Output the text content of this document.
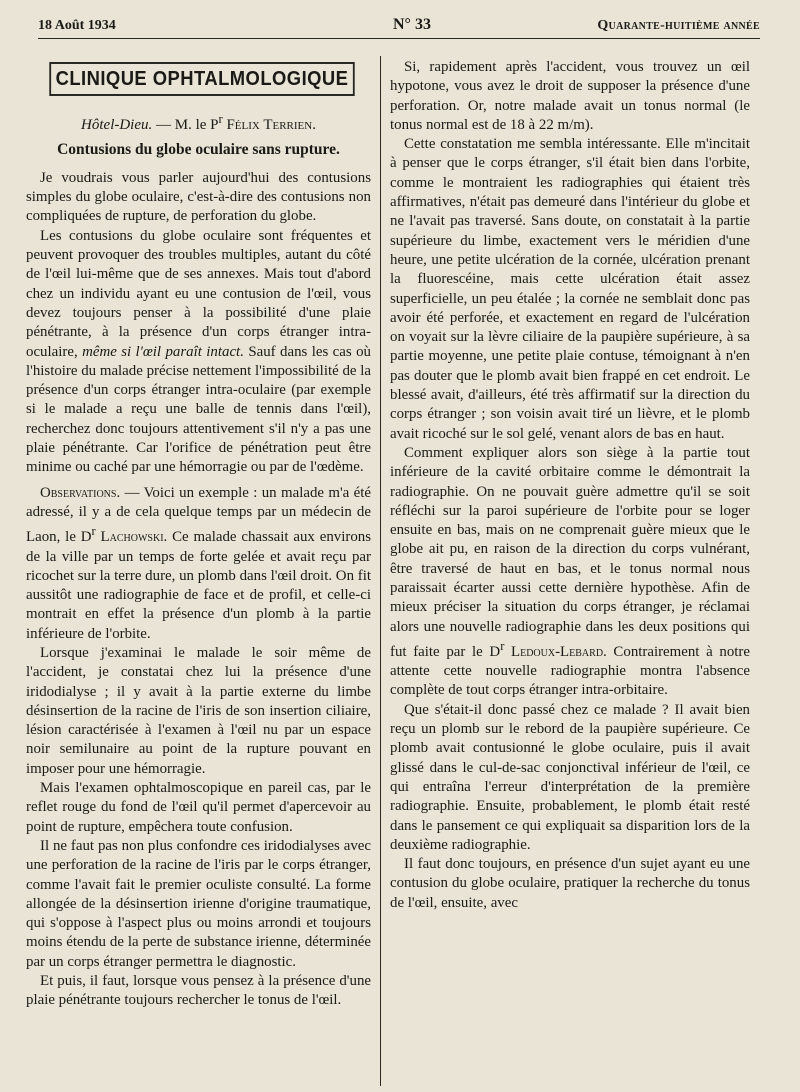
18 Août 1934	N° 33	Quarante-huitième année
CLINIQUE OPHTALMOLOGIQUE

Hôtel-Dieu. — M. le $P^r$ Félix Terrien.

Contusions du globe oculaire sans rupture.

Je voudrais vous parler aujourd'hui des contusions simples du globe oculaire, c'est-à-dire des contusions non compliquées de rupture, de perforation du globe.

Les contusions du globe oculaire sont fréquentes et peuvent provoquer des troubles multiples, autant du côté de l'œil lui-même que de ses annexes. Mais tout d'abord chez un individu ayant eu une contusion de l'œil, vous devez toujours penser à la possibilité d'une plaie pénétrante, à la présence d'un corps étranger intra-oculaire, même si l'œil paraît intact. Sauf dans les cas où l'histoire du malade précise nettement l'impossibilité de la présence d'un corps étranger intra-oculaire (par exemple si le malade a reçu une balle de tennis dans l'œil), recherchez donc toujours attentivement s'il n'y a pas une plaie pénétrante. Car l'orifice de pénétration peut être minime ou caché par une hémorragie ou par de l'œdème.

Observations. — Voici un exemple : un malade m'a été adressé, il y a de cela quelque temps par un médecin de Laon, le $D^r$ Lachowski. Ce malade chassait aux environs de la ville par un temps de forte gelée et avait reçu par ricochet sur la terre dure, un plomb dans l'œil droit. On fit aussitôt une radiographie de face et de profil, et celle-ci montrait en effet la présence d'un plomb à la partie inférieure de l'orbite.

Lorsque j'examinai le malade le soir même de l'accident, je constatai chez lui la présence d'une iridodialyse ; il y avait à la partie externe du limbe désinsertion de la racine de l'iris de son insertion ciliaire, lésion caractérisée à l'examen à l'œil nu par un espace noir semilunaire au point de la rupture pouvant en imposer pour une hémorragie.

Mais l'examen ophtalmoscopique en pareil cas, par le reflet rouge du fond de l'œil qu'il permet d'apercevoir au point de rupture, empêchera toute confusion.

Il ne faut pas non plus confondre ces iridodialyses avec une perforation de la racine de l'iris par le corps étranger, comme l'avait fait le premier oculiste consulté. La forme allongée de la désinsertion irienne d'origine traumatique, qui s'oppose à l'aspect plus ou moins arrondi et toujours moins étendu de la perte de substance irienne, déterminée par un corps étranger permettra le diagnostic.

Et puis, il faut, lorsque vous pensez à la présence d'une plaie pénétrante toujours rechercher le tonus de l'œil.

Si, rapidement après l'accident, vous trouvez un œil hypotone, vous avez le droit de supposer la présence d'une perforation. Or, notre malade avait un tonus normal (le tonus normal est de 18 à 22 m/m).

Cette constatation me sembla intéressante. Elle m'incitait à penser que le corps étranger, s'il était bien dans l'orbite, comme le montraient les radiographies qui étaient très affirmatives, n'était pas demeuré dans l'intérieur du globe et ne l'avait pas traversé. Sans doute, on constatait à la partie supérieure du limbe, exactement vers le méridien d'une heure, une petite ulcération de la cornée, ulcération prenant la fluorescéine, mais cette ulcération était assez superficielle, un peu étalée ; la cornée ne semblait donc pas avoir été perforée, et exactement en regard de l'ulcération on voyait sur la lèvre ciliaire de la paupière supérieure, à sa partie moyenne, une petite plaie contuse, témoignant à n'en pas douter que le plomb avait bien frappé en cet endroit. Le blessé avait, d'ailleurs, été très affirmatif sur la direction du corps étranger ; son voisin avait tiré un lièvre, et le plomb avait ricoché sur le sol gelé, venant alors de bas en haut.

Comment expliquer alors son siège à la partie tout inférieure de la cavité orbitaire comme le démontrait la radiographie. On ne pouvait guère admettre qu'il se soit réfléchi sur la paroi supérieure de l'orbite pour se loger ensuite en bas, mais on ne comprenait guère mieux que le globe ait pu, en raison de la direction du corps vulnérant, être traversé de haut en bas, et le tonus normal nous paraissait écarter aussi cette dernière hypothèse. Afin de mieux préciser la situation du corps étranger, je réclamai alors une nouvelle radiographie dans les deux positions qui fut faite par le $D^r$ Ledoux-Lebard. Contrairement à notre attente cette nouvelle radiographie montra l'absence complète de tout corps étranger intra-orbitaire.

Que s'était-il donc passé chez ce malade ? Il avait bien reçu un plomb sur le rebord de la paupière supérieure. Ce plomb avait contusionné le globe oculaire, puis il avait glissé dans le cul-de-sac conjonctival inférieur de l'œil, ce qui entraîna l'erreur d'interprétation de la première radiographie. Ensuite, probablement, le plomb était resté dans le pansement ce qui expliquait sa disparition lors de la deuxième radiographie.

Il faut donc toujours, en présence d'un sujet ayant eu une contusion du globe oculaire, pratiquer la recherche du tonus de l'œil, ensuite, avec
